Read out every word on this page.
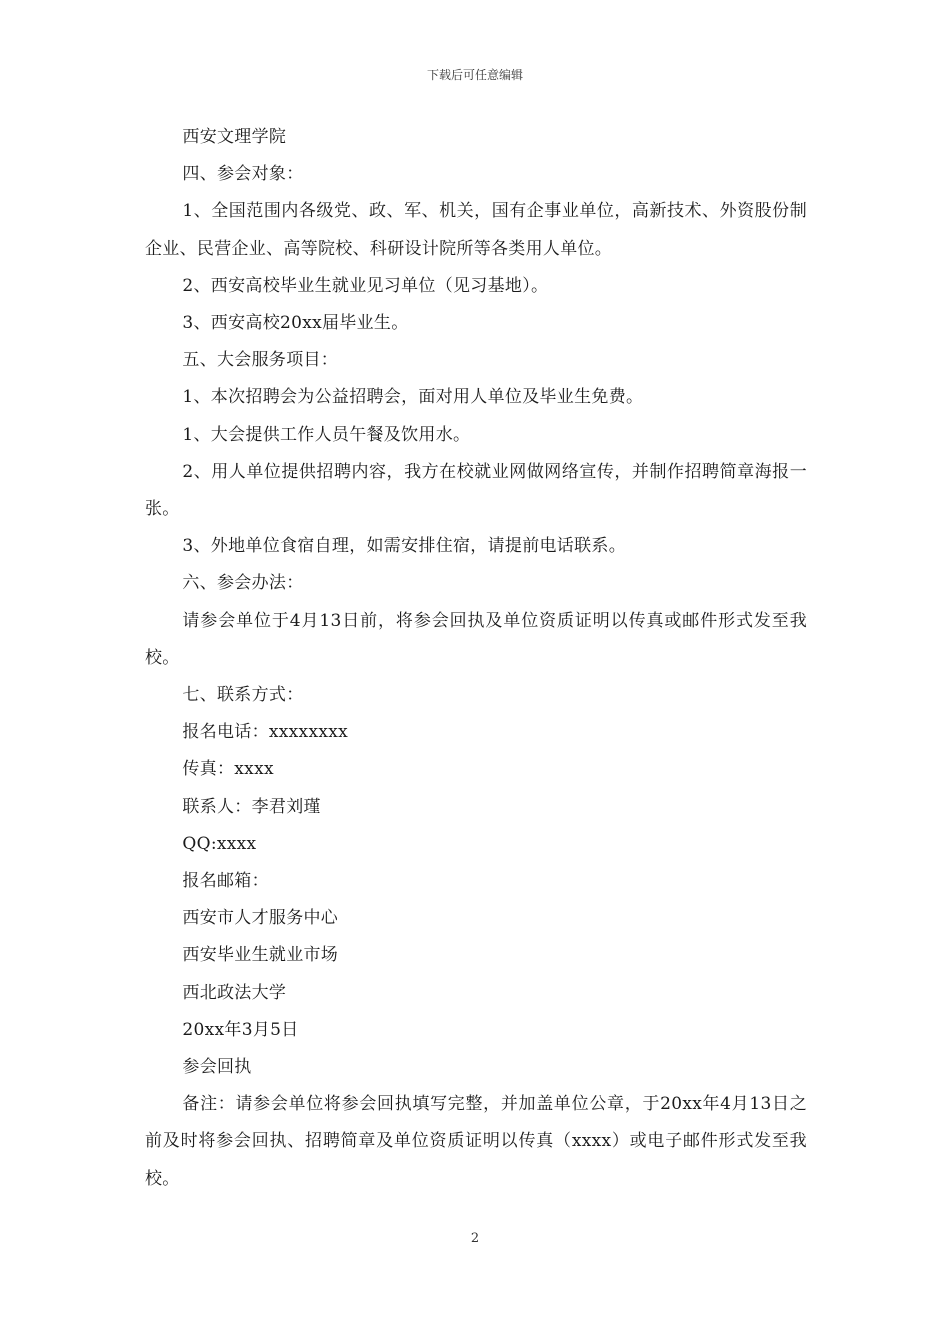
下载后可任意编辑

西安文理学院

四、参会对象：

1、全国范围内各级党、政、军、机关，国有企事业单位，高新技术、外资股份制企业、民营企业、高等院校、科研设计院所等各类用人单位。

2、西安高校毕业生就业见习单位（见习基地）。

3、西安高校20xx届毕业生。

五、大会服务项目：

1、本次招聘会为公益招聘会，面对用人单位及毕业生免费。

1、大会提供工作人员午餐及饮用水。

2、用人单位提供招聘内容，我方在校就业网做网络宣传，并制作招聘简章海报一张。

3、外地单位食宿自理，如需安排住宿，请提前电话联系。

六、参会办法：

请参会单位于4月13日前，将参会回执及单位资质证明以传真或邮件形式发至我校。

七、联系方式：

报名电话：xxxxxxxx

传真：xxxx

联系人：李君刘瑾

QQ:xxxx

报名邮箱：

西安市人才服务中心

西安毕业生就业市场

西北政法大学

20xx年3月5日

参会回执

备注：请参会单位将参会回执填写完整，并加盖单位公章，于20xx年4月13日之前及时将参会回执、招聘简章及单位资质证明以传真（xxxx）或电子邮件形式发至我校。

2
